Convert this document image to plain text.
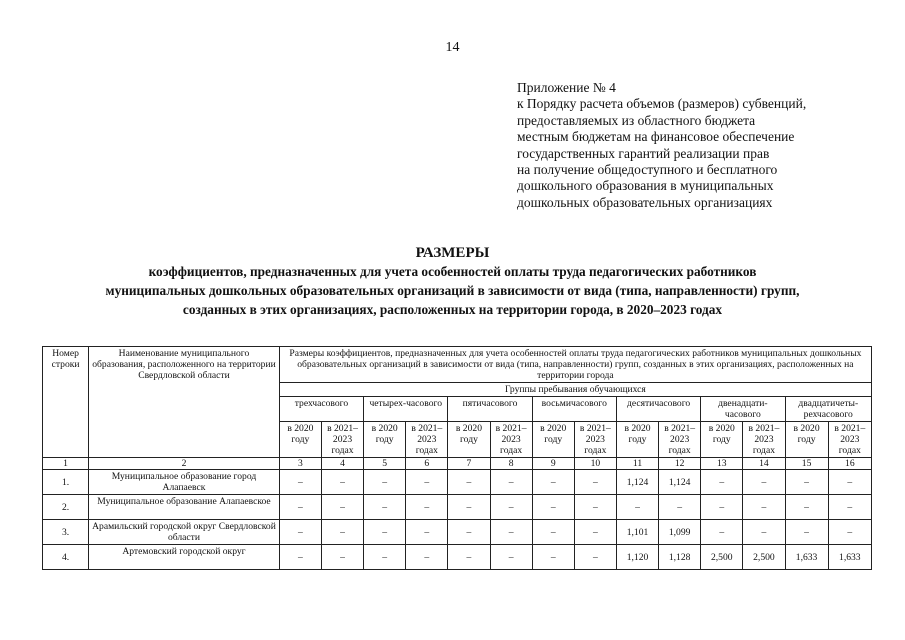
14
Приложение № 4
к Порядку расчета объемов (размеров) субвенций,
предоставляемых из областного бюджета
местным бюджетам на финансовое обеспечение
государственных гарантий реализации прав
на получение общедоступного и бесплатного
дошкольного образования в муниципальных
дошкольных образовательных организациях
РАЗМЕРЫ
коэффициентов, предназначенных для учета особенностей оплаты труда педагогических работников
муниципальных дошкольных образовательных организаций в зависимости от вида (типа, направленности) групп,
созданных в этих организациях, расположенных на территории города, в 2020–2023 годах
Номер строки	Наименование муниципального образования, расположенного на территории Свердловской области	Размеры коэффициентов, предназначенных для учета особенностей оплаты труда педагогических работников муниципальных дошкольных образовательных организаций в зависимости от вида (типа, направленности) групп, созданных в этих организациях, расположенных на территории города													
		Группы пребывания обучающихся													
		трехчасового		четырех-часового		пятичасового		восьмичасового		десятичасового		двенадцати-часового		двадцатичеты-рехчасового	
		в 2020 году	в 2021–2023 годах	в 2020 году	в 2021–2023 годах	в 2020 году	в 2021–2023 годах	в 2020 году	в 2021–2023 годах	в 2020 году	в 2021–2023 годах	в 2020 году	в 2021–2023 годах	в 2020 году	в 2021–2023 годах
1	2	3	4	5	6	7	8	9	10	11	12	13	14	15	16
1.	Муниципальное образование город Алапаевск	–	–	–	–	–	–	–	–	1,124	1,124	–	–	–	–
2.	Муниципальное образование Алапаевское	–	–	–	–	–	–	–	–	–	–	–	–	–	–
3.	Арамильский городской округ Свердловской области	–	–	–	–	–	–	–	–	1,101	1,099	–	–	–	–
4.	Артемовский городской округ	–	–	–	–	–	–	–	–	1,120	1,128	2,500	2,500	1,633	1,633
